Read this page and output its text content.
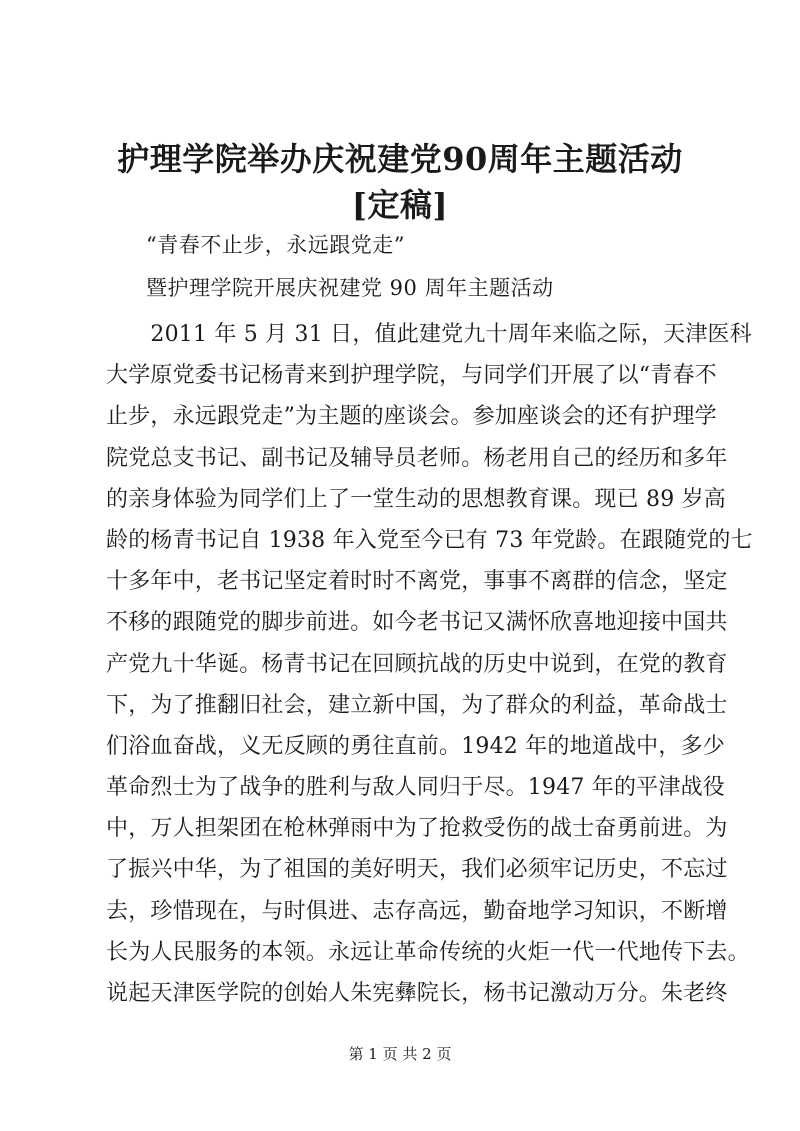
护理学院举办庆祝建党90周年主题活动[定稿]
“青春不止步，永远跟党走”
暨护理学院开展庆祝建党 90 周年主题活动
　　2011 年 5 月 31 日，值此建党九十周年来临之际，天津医科
大学原党委书记杨青来到护理学院，与同学们开展了以“青春不
止步，永远跟党走”为主题的座谈会。参加座谈会的还有护理学
院党总支书记、副书记及辅导员老师。杨老用自己的经历和多年
的亲身体验为同学们上了一堂生动的思想教育课。现已 89 岁高
龄的杨青书记自 1938 年入党至今已有 73 年党龄。在跟随党的七
十多年中，老书记坚定着时时不离党，事事不离群的信念，坚定
不移的跟随党的脚步前进。如今老书记又满怀欣喜地迎接中国共
产党九十华诞。杨青书记在回顾抗战的历史中说到，在党的教育
下，为了推翻旧社会，建立新中国，为了群众的利益，革命战士
们浴血奋战，义无反顾的勇往直前。1942 年的地道战中，多少
革命烈士为了战争的胜利与敌人同归于尽。1947 年的平津战役
中，万人担架团在枪林弹雨中为了抢救受伤的战士奋勇前进。为
了振兴中华，为了祖国的美好明天，我们必须牢记历史，不忘过
去，珍惜现在，与时俱进、志存高远，勤奋地学习知识，不断增
长为人民服务的本领。永远让革命传统的火炬一代一代地传下去。
说起天津医学院的创始人朱宪彝院长，杨书记激动万分。朱老终
第 1 页 共 2 页
